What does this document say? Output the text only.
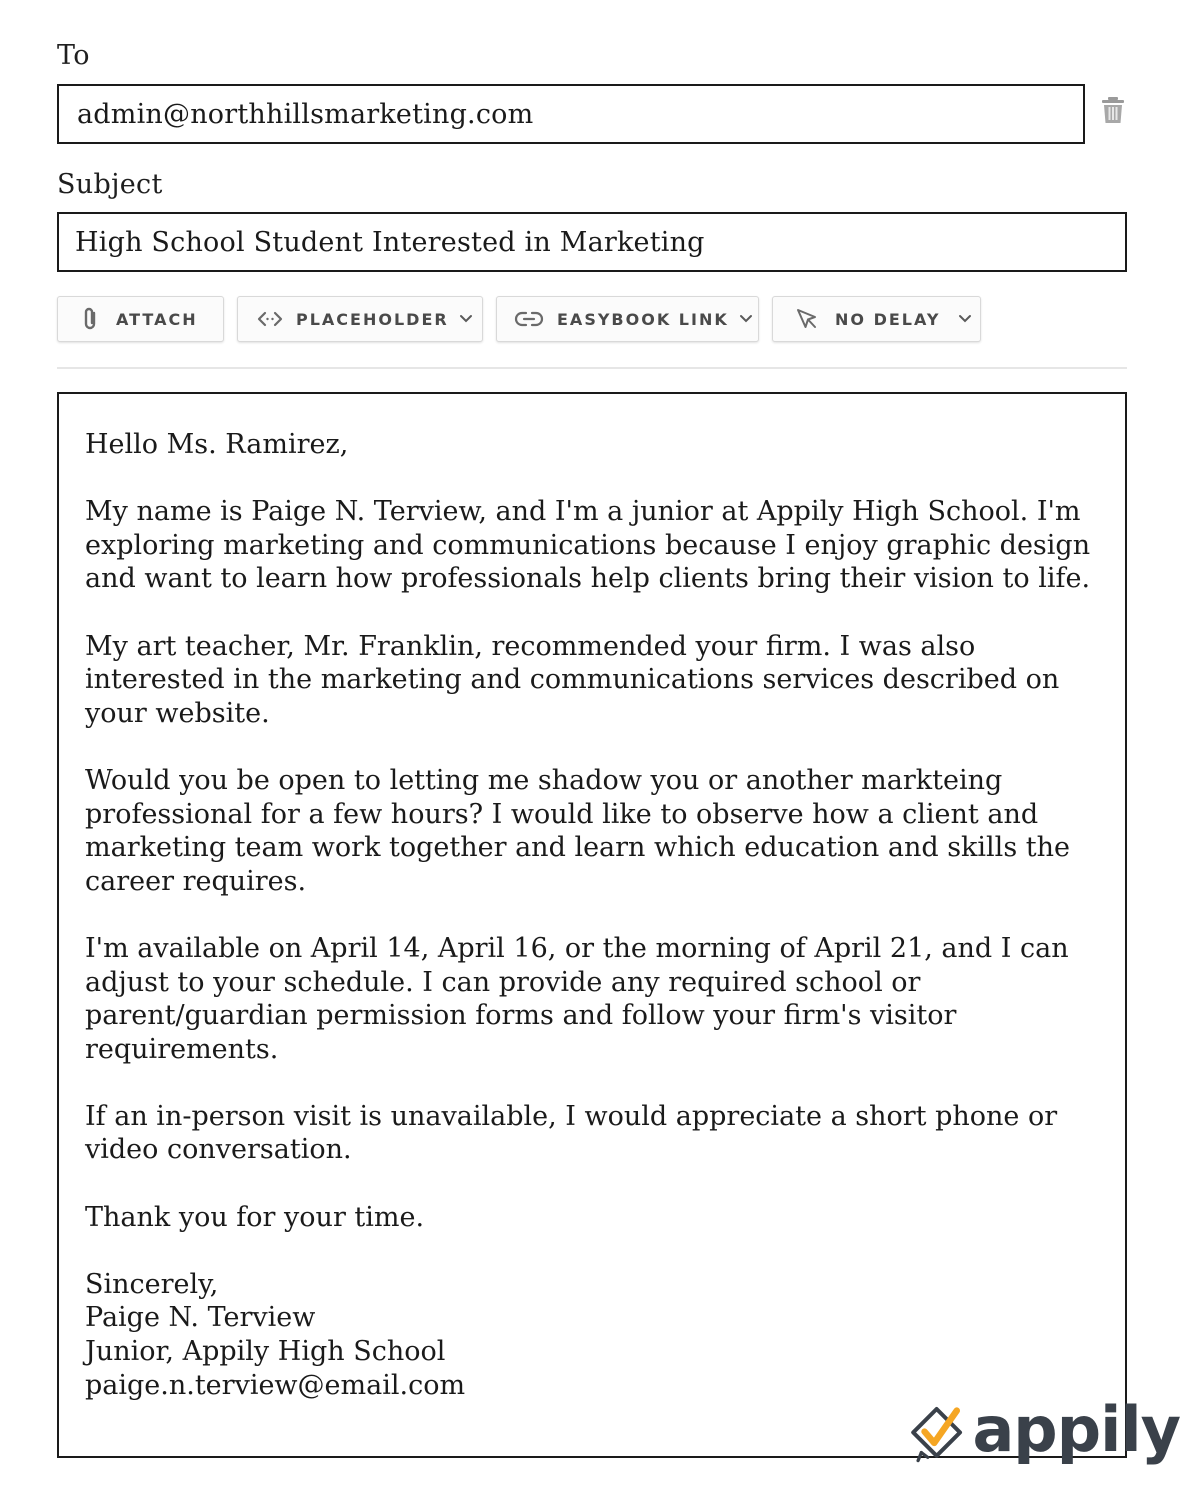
To
admin@northhillsmarketing.com
Subject
High School Student Interested in Marketing
ATTACH	PLACEHOLDER	EASYBOOK LINK	NO DELAY

Hello Ms. Ramirez,

My name is Paige N. Terview, and I'm a junior at Appily High School. I'm exploring marketing and communications because I enjoy graphic design and want to learn how professionals help clients bring their vision to life.

My art teacher, Mr. Franklin, recommended your firm. I was also interested in the marketing and communications services described on your website.

Would you be open to letting me shadow you or another markteing professional for a few hours? I would like to observe how a client and marketing team work together and learn which education and skills the career requires.

I'm available on April 14, April 16, or the morning of April 21, and I can adjust to your schedule. I can provide any required school or parent/guardian permission forms and follow your firm's visitor requirements.

If an in-person visit is unavailable, I would appreciate a short phone or video conversation.

Thank you for your time.

Sincerely,
Paige N. Terview
Junior, Appily High School
paige.n.terview@email.com
appily
